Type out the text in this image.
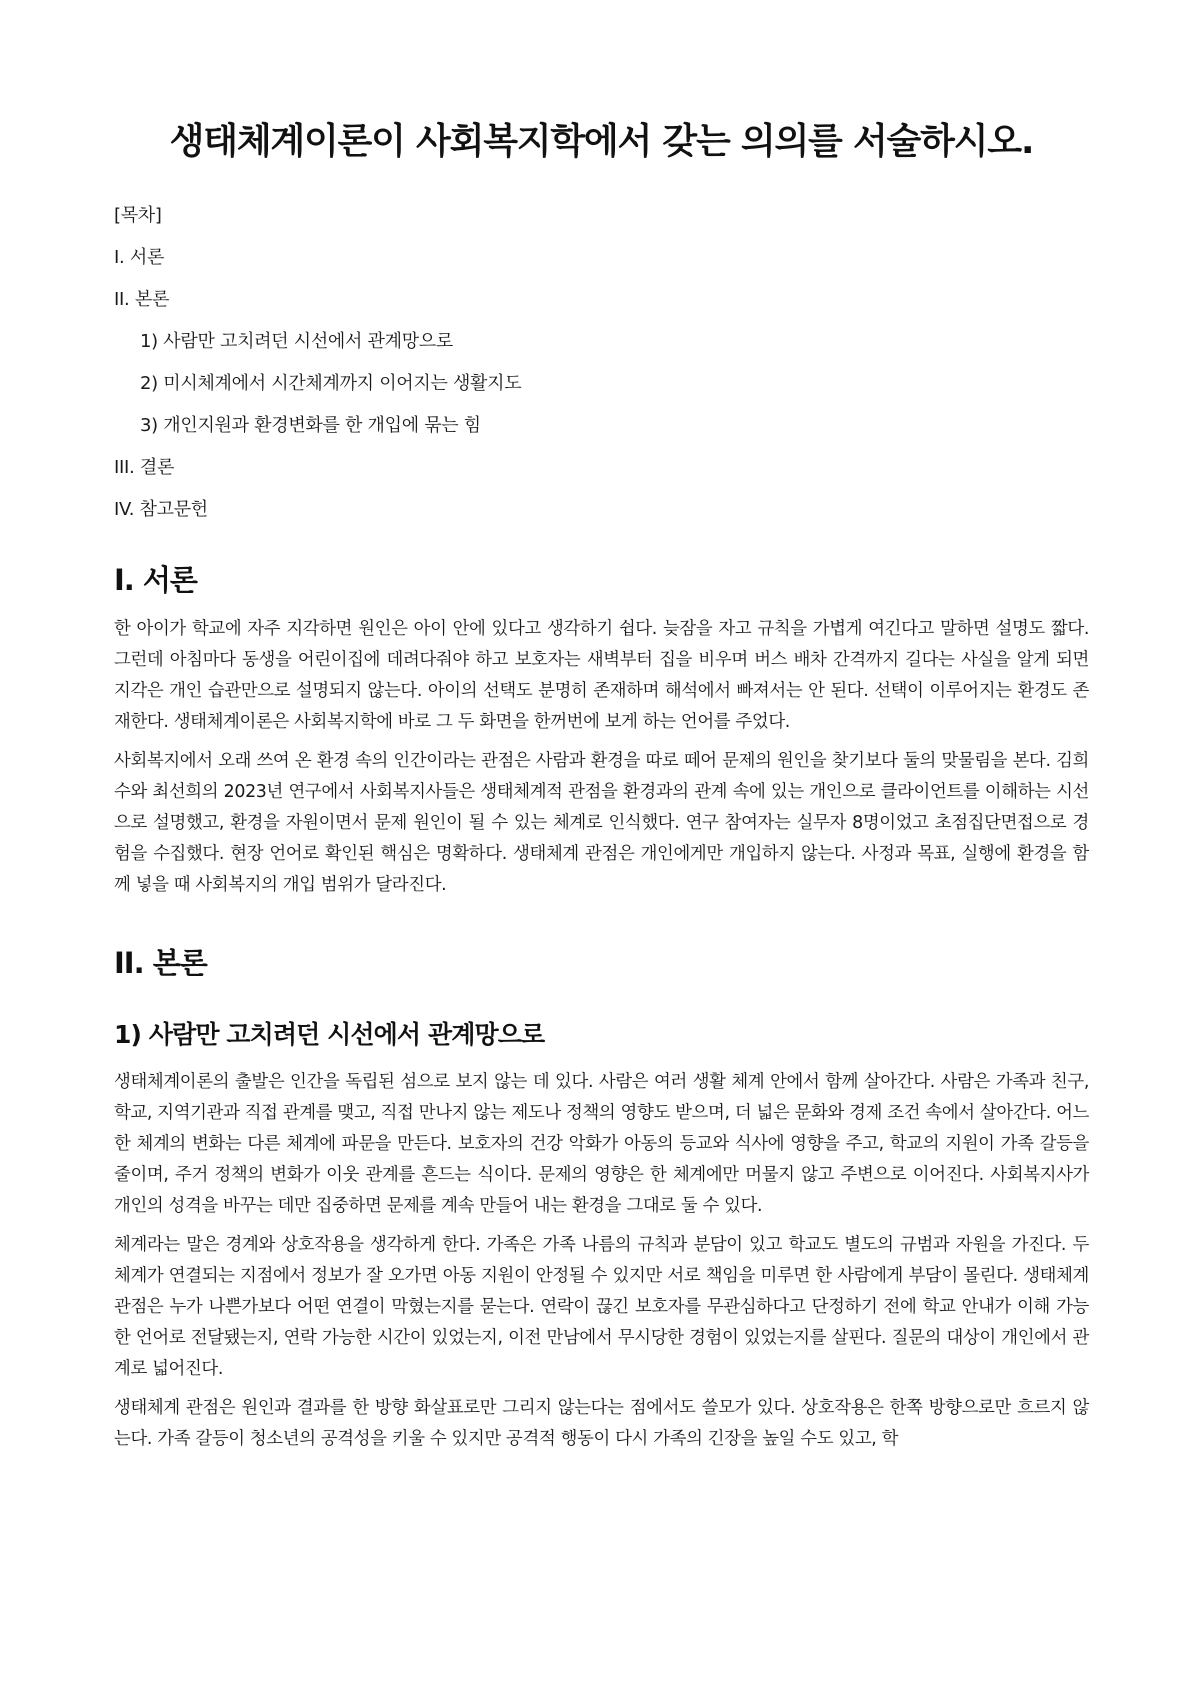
생태체계이론이 사회복지학에서 갖는 의의를 서술하시오.
[목차]
I. 서론
II. 본론
1) 사람만 고치려던 시선에서 관계망으로
2) 미시체계에서 시간체계까지 이어지는 생활지도
3) 개인지원과 환경변화를 한 개입에 묶는 힘
III. 결론
IV. 참고문헌
I. 서론

한 아이가 학교에 자주 지각하면 원인은 아이 안에 있다고 생각하기 쉽다. 늦잠을 자고 규칙을 가볍게 여긴다고 말하면 설명도 짧다. 그런데 아침마다 동생을 어린이집에 데려다줘야 하고 보호자는 새벽부터 집을 비우며 버스 배차 간격까지 길다는 사실을 알게 되면 지각은 개인 습관만으로 설명되지 않는다. 아이의 선택도 분명히 존재하며 해석에서 빠져서는 안 된다. 선택이 이루어지는 환경도 존재한다. 생태체계이론은 사회복지학에 바로 그 두 화면을 한꺼번에 보게 하는 언어를 주었다.

사회복지에서 오래 쓰여 온 환경 속의 인간이라는 관점은 사람과 환경을 따로 떼어 문제의 원인을 찾기보다 둘의 맞물림을 본다. 김희수와 최선희의 2023년 연구에서 사회복지사들은 생태체계적 관점을 환경과의 관계 속에 있는 개인으로 클라이언트를 이해하는 시선으로 설명했고, 환경을 자원이면서 문제 원인이 될 수 있는 체계로 인식했다. 연구 참여자는 실무자 8명이었고 초점집단면접으로 경험을 수집했다. 현장 언어로 확인된 핵심은 명확하다. 생태체계 관점은 개인에게만 개입하지 않는다. 사정과 목표, 실행에 환경을 함께 넣을 때 사회복지의 개입 범위가 달라진다.

II. 본론
1) 사람만 고치려던 시선에서 관계망으로

생태체계이론의 출발은 인간을 독립된 섬으로 보지 않는 데 있다. 사람은 여러 생활 체계 안에서 함께 살아간다. 사람은 가족과 친구, 학교, 지역기관과 직접 관계를 맺고, 직접 만나지 않는 제도나 정책의 영향도 받으며, 더 넓은 문화와 경제 조건 속에서 살아간다. 어느 한 체계의 변화는 다른 체계에 파문을 만든다. 보호자의 건강 악화가 아동의 등교와 식사에 영향을 주고, 학교의 지원이 가족 갈등을 줄이며, 주거 정책의 변화가 이웃 관계를 흔드는 식이다. 문제의 영향은 한 체계에만 머물지 않고 주변으로 이어진다. 사회복지사가 개인의 성격을 바꾸는 데만 집중하면 문제를 계속 만들어 내는 환경을 그대로 둘 수 있다.

체계라는 말은 경계와 상호작용을 생각하게 한다. 가족은 가족 나름의 규칙과 분담이 있고 학교도 별도의 규범과 자원을 가진다. 두 체계가 연결되는 지점에서 정보가 잘 오가면 아동 지원이 안정될 수 있지만 서로 책임을 미루면 한 사람에게 부담이 몰린다. 생태체계 관점은 누가 나쁜가보다 어떤 연결이 막혔는지를 묻는다. 연락이 끊긴 보호자를 무관심하다고 단정하기 전에 학교 안내가 이해 가능한 언어로 전달됐는지, 연락 가능한 시간이 있었는지, 이전 만남에서 무시당한 경험이 있었는지를 살핀다. 질문의 대상이 개인에서 관계로 넓어진다.

생태체계 관점은 원인과 결과를 한 방향 화살표로만 그리지 않는다는 점에서도 쓸모가 있다. 상호작용은 한쪽 방향으로만 흐르지 않는다. 가족 갈등이 청소년의 공격성을 키울 수 있지만 공격적 행동이 다시 가족의 긴장을 높일 수도 있고, 학
